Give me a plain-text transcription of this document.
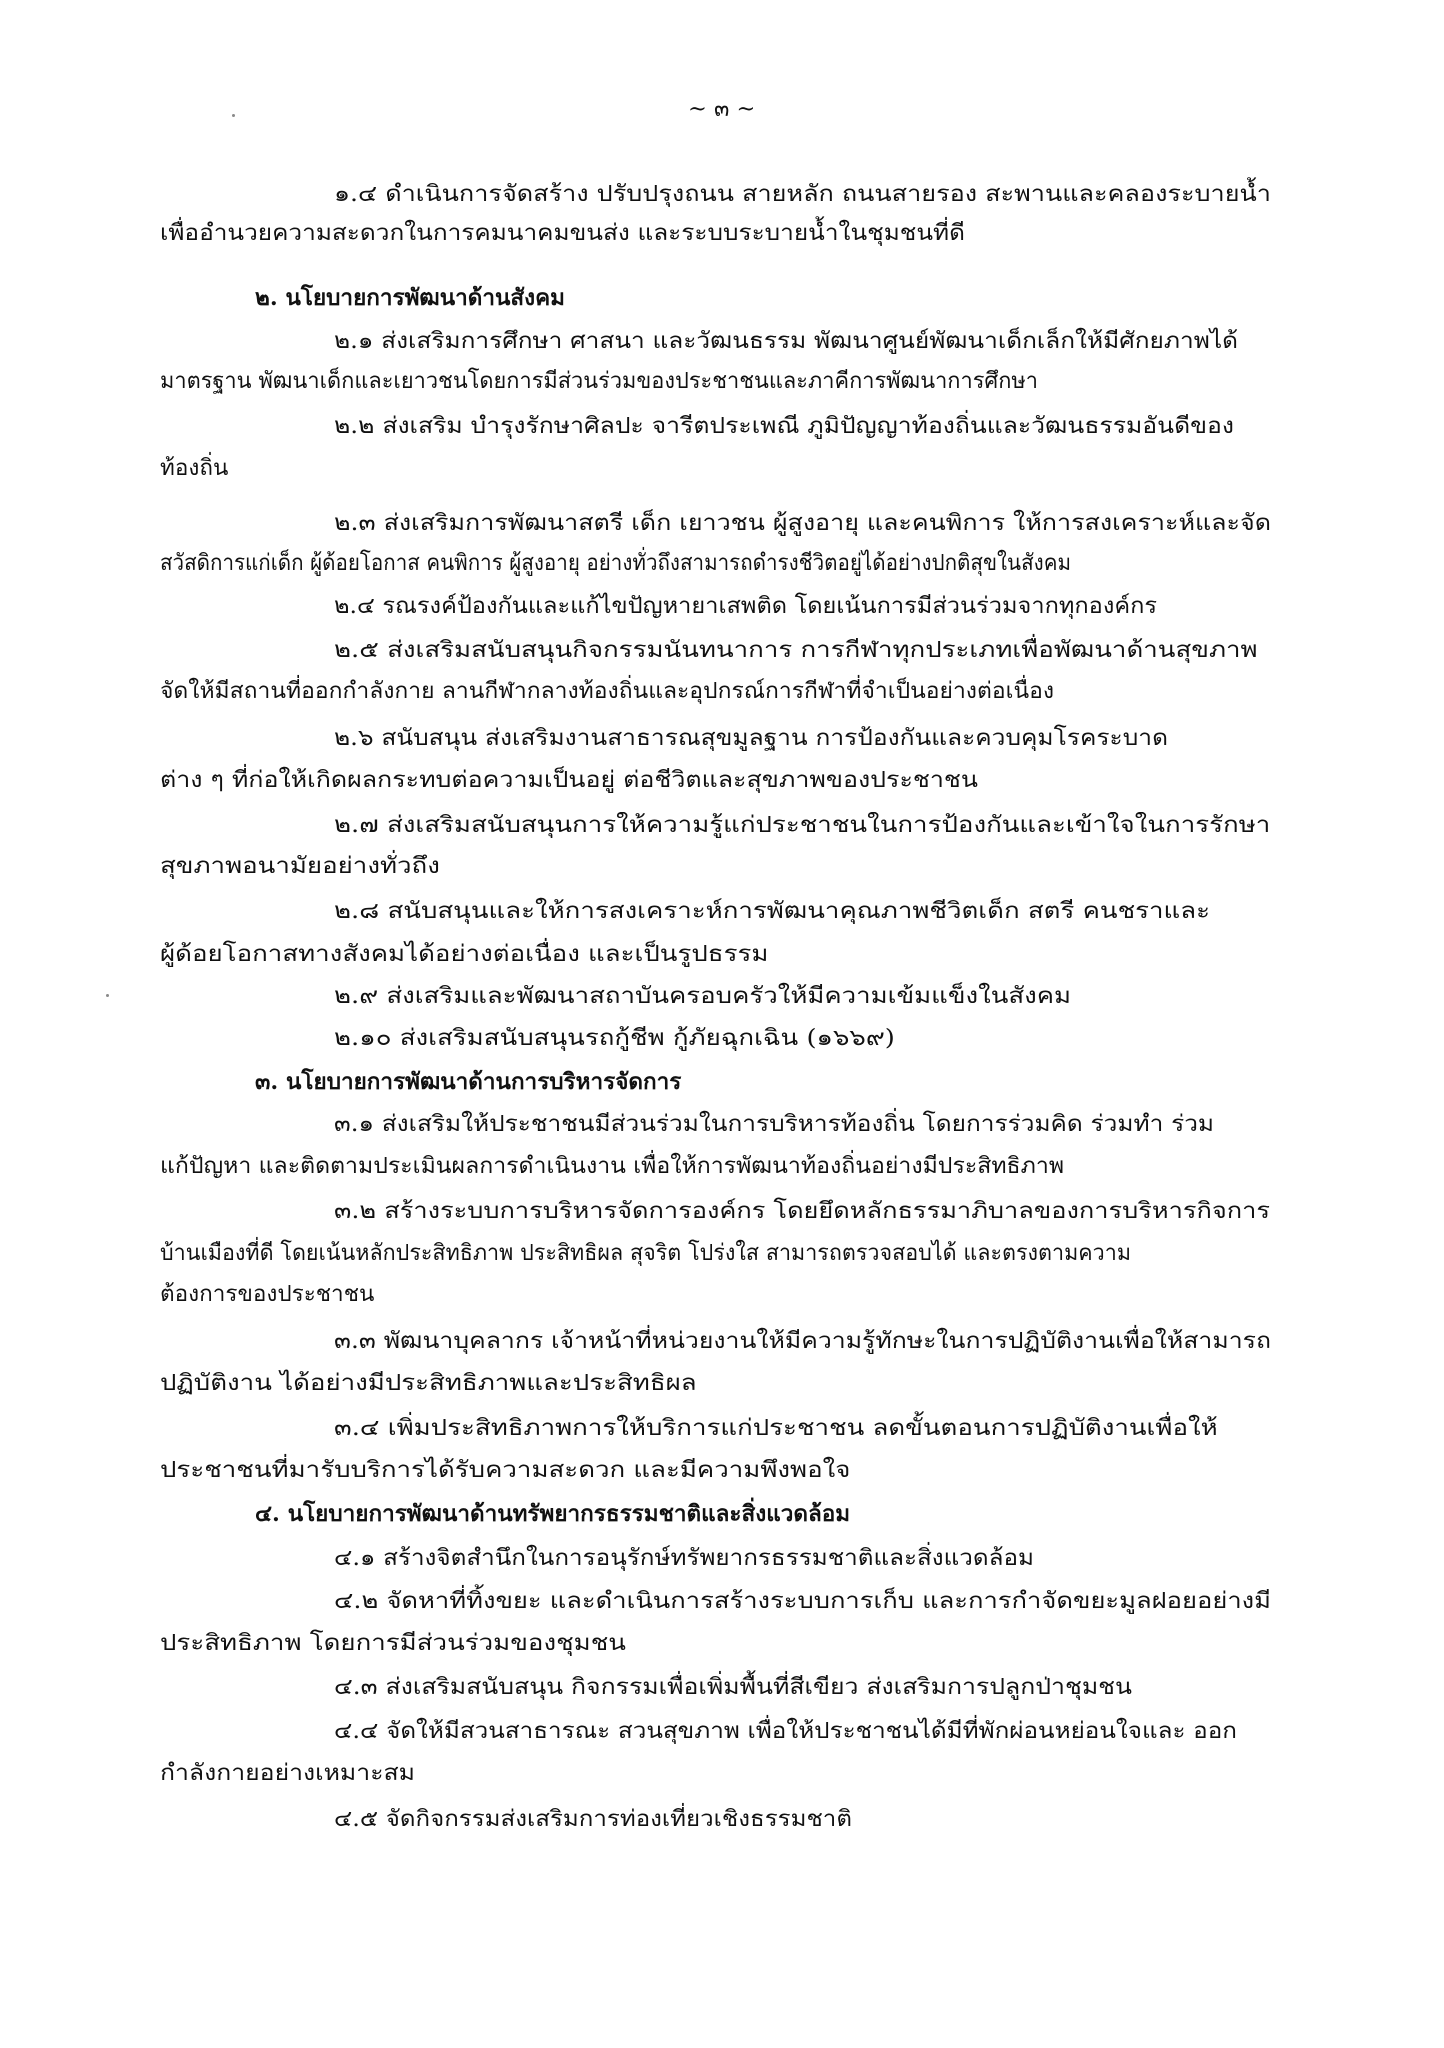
~ ๓ ~
๑.๔ ดำเนินการจัดสร้าง ปรับปรุงถนน สายหลัก ถนนสายรอง สะพานและคลองระบายน้ำ
เพื่ออำนวยความสะดวกในการคมนาคมขนส่ง และระบบระบายน้ำในชุมชนที่ดี
๒. นโยบายการพัฒนาด้านสังคม
๒.๑ ส่งเสริมการศึกษา ศาสนา และวัฒนธรรม พัฒนาศูนย์พัฒนาเด็กเล็กให้มีศักยภาพได้
มาตรฐาน พัฒนาเด็กและเยาวชนโดยการมีส่วนร่วมของประชาชนและภาคีการพัฒนาการศึกษา
๒.๒ ส่งเสริม บำรุงรักษาศิลปะ จารีตประเพณี ภูมิปัญญาท้องถิ่นและวัฒนธรรมอันดีของ
ท้องถิ่น
๒.๓ ส่งเสริมการพัฒนาสตรี เด็ก เยาวชน ผู้สูงอายุ และคนพิการ ให้การสงเคราะห์และจัด
สวัสดิการแก่เด็ก ผู้ด้อยโอกาส คนพิการ ผู้สูงอายุ อย่างทั่วถึงสามารถดำรงชีวิตอยู่ได้อย่างปกติสุขในสังคม
๒.๔ รณรงค์ป้องกันและแก้ไขปัญหายาเสพติด โดยเน้นการมีส่วนร่วมจากทุกองค์กร
๒.๕ ส่งเสริมสนับสนุนกิจกรรมนันทนาการ การกีฬาทุกประเภทเพื่อพัฒนาด้านสุขภาพ
จัดให้มีสถานที่ออกกำลังกาย ลานกีฬากลางท้องถิ่นและอุปกรณ์การกีฬาที่จำเป็นอย่างต่อเนื่อง
๒.๖ สนับสนุน ส่งเสริมงานสาธารณสุขมูลฐาน การป้องกันและควบคุมโรคระบาด
ต่าง ๆ ที่ก่อให้เกิดผลกระทบต่อความเป็นอยู่ ต่อชีวิตและสุขภาพของประชาชน
๒.๗ ส่งเสริมสนับสนุนการให้ความรู้แก่ประชาชนในการป้องกันและเข้าใจในการรักษา
สุขภาพอนามัยอย่างทั่วถึง
๒.๘ สนับสนุนและให้การสงเคราะห์การพัฒนาคุณภาพชีวิตเด็ก สตรี คนชราและ
ผู้ด้อยโอกาสทางสังคมได้อย่างต่อเนื่อง และเป็นรูปธรรม
๒.๙ ส่งเสริมและพัฒนาสถาบันครอบครัวให้มีความเข้มแข็งในสังคม
๒.๑๐ ส่งเสริมสนับสนุนรถกู้ชีพ กู้ภัยฉุกเฉิน (๑๖๖๙)
๓. นโยบายการพัฒนาด้านการบริหารจัดการ
๓.๑ ส่งเสริมให้ประชาชนมีส่วนร่วมในการบริหารท้องถิ่น โดยการร่วมคิด ร่วมทำ ร่วม
แก้ปัญหา และติดตามประเมินผลการดำเนินงาน เพื่อให้การพัฒนาท้องถิ่นอย่างมีประสิทธิภาพ
๓.๒ สร้างระบบการบริหารจัดการองค์กร โดยยึดหลักธรรมาภิบาลของการบริหารกิจการ
บ้านเมืองที่ดี โดยเน้นหลักประสิทธิภาพ ประสิทธิผล สุจริต โปร่งใส สามารถตรวจสอบได้ และตรงตามความ
ต้องการของประชาชน
๓.๓ พัฒนาบุคลากร เจ้าหน้าที่หน่วยงานให้มีความรู้ทักษะในการปฏิบัติงานเพื่อให้สามารถ
ปฏิบัติงาน ได้อย่างมีประสิทธิภาพและประสิทธิผล
๓.๔ เพิ่มประสิทธิภาพการให้บริการแก่ประชาชน ลดขั้นตอนการปฏิบัติงานเพื่อให้
ประชาชนที่มารับบริการได้รับความสะดวก และมีความพึงพอใจ
๔. นโยบายการพัฒนาด้านทรัพยากรธรรมชาติและสิ่งแวดล้อม
๔.๑ สร้างจิตสำนึกในการอนุรักษ์ทรัพยากรธรรมชาติและสิ่งแวดล้อม
๔.๒ จัดหาที่ทิ้งขยะ และดำเนินการสร้างระบบการเก็บ และการกำจัดขยะมูลฝอยอย่างมี
ประสิทธิภาพ โดยการมีส่วนร่วมของชุมชน
๔.๓ ส่งเสริมสนับสนุน กิจกรรมเพื่อเพิ่มพื้นที่สีเขียว ส่งเสริมการปลูกป่าชุมชน
๔.๔ จัดให้มีสวนสาธารณะ สวนสุขภาพ เพื่อให้ประชาชนได้มีที่พักผ่อนหย่อนใจและ ออก
กำลังกายอย่างเหมาะสม
๔.๕ จัดกิจกรรมส่งเสริมการท่องเที่ยวเชิงธรรมชาติ
